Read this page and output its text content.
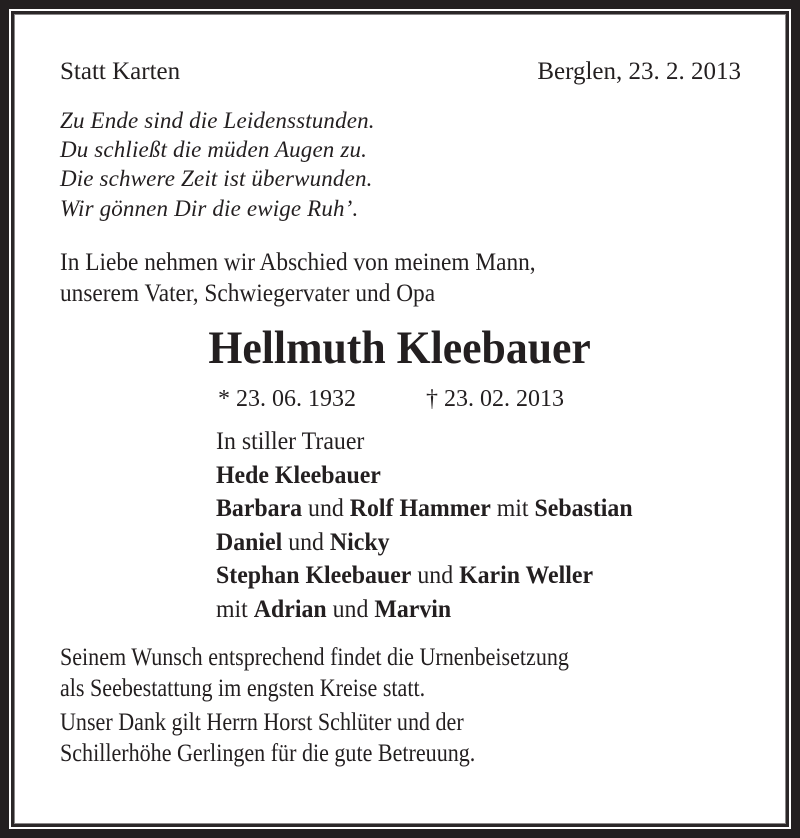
Statt Karten	Berglen, 23. 2. 2013
Zu Ende sind die Leidensstunden.
Du schließt die müden Augen zu.
Die schwere Zeit ist überwunden.
Wir gönnen Dir die ewige Ruh’.
In Liebe nehmen wir Abschied von meinem Mann,
unserem Vater, Schwiegervater und Opa
Hellmuth Kleebauer
* 23. 06. 1932	† 23. 02. 2013
In stiller Trauer
Hede Kleebauer
Barbara und Rolf Hammer mit Sebastian
Daniel und Nicky
Stephan Kleebauer und Karin Weller
mit Adrian und Marvin
Seinem Wunsch entsprechend findet die Urnenbeisetzung
als Seebestattung im engsten Kreise statt.
Unser Dank gilt Herrn Horst Schlüter und der
Schillerhöhe Gerlingen für die gute Betreuung.
